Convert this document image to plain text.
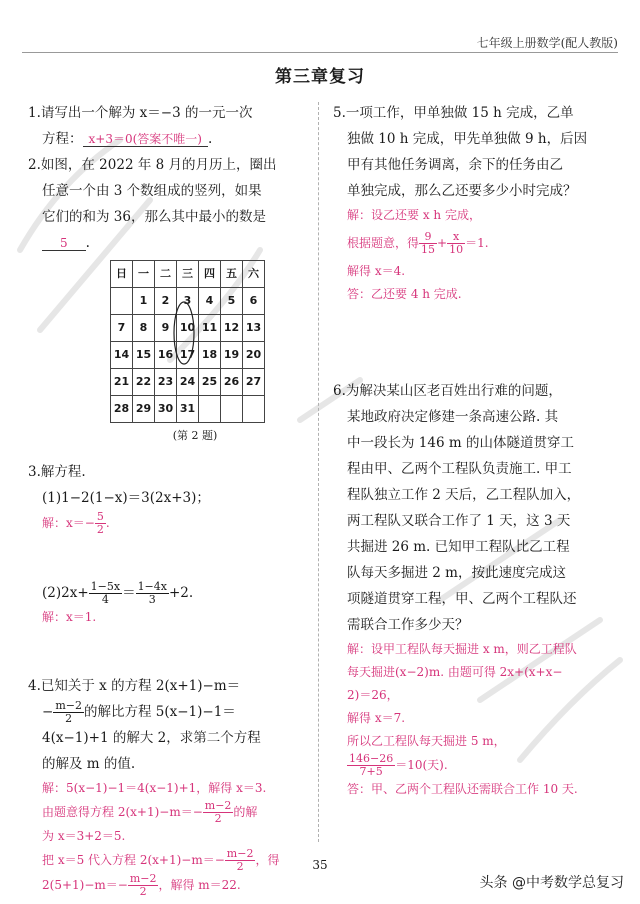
七年级上册数学(配人教版)
第三章复习

1.请写出一个解为 x＝−3 的一元一次

方程： x+3＝0(答案不唯一) .

2.如图，在 2022 年 8 月的月历上，圈出

任意一个由 3 个数组成的竖列，如果

它们的和为 36，那么其中最小的数是

5 .

日	一	二	三	四	五	六
	1	2	3	4	5	6
7	8	9	10	11	12	13
14	15	16	17	18	19	20
21	22	23	24	25	26	27
28	29	30	31			
(第 2 题)

3.解方程.

(1)1−2(1−x)＝3(2x+3)；

解：$x=- \frac{5}{2}$ .

$(2)2x+ \frac{1-5x}{4} = \frac{1-4x}{3} +2$.

解：x＝1.

4.已知关于 x 的方程 2(x+1)−m＝

− $\frac{m-2}{2}$ 的解比方程 5(x−1)−1＝

4(x−1)+1 的解大 2，求第二个方程

的解及 m 的值.

解：5(x−1)−1＝4(x−1)+1，解得 x＝3.
由题意得方程 $2(x+1)-m=- \frac{m-2}{2}$ 的解
为 x＝3+2＝5.
把 x＝5 代入方程 $2(x+1)-m=- \frac{m-2}{2}$ ，得
$2(5+1)-m=- \frac{m-2}{2}$ ，解得 m＝22.

5.一项工作，甲单独做 15 h 完成，乙单

独做 10 h 完成，甲先单独做 9 h，后因

甲有其他任务调离，余下的任务由乙

单独完成，那么乙还要多少小时完成？

解：设乙还要 x h 完成，
根据题意，得 $\frac{9}{15} + \frac{x}{10} =1$.
解得 x＝4.
答：乙还要 4 h 完成.

6.为解决某山区老百姓出行难的问题，

某地政府决定修建一条高速公路. 其

中一段长为 146 m 的山体隧道贯穿工

程由甲、乙两个工程队负责施工. 甲工

程队独立工作 2 天后，乙工程队加入，

两工程队又联合工作了 1 天，这 3 天

共掘进 26 m. 已知甲工程队比乙工程

队每天多掘进 2 m，按此速度完成这

项隧道贯穿工程，甲、乙两个工程队还

需联合工作多少天？

解：设甲工程队每天掘进 x m，则乙工程队
每天掘进(x−2)m. 由题可得 2x+(x+x−
2)＝26，
解得 x＝7.
所以乙工程队每天掘进 5 m，
$\frac{146-26}{7+5} =10$(天).
答：甲、乙两个工程队还需联合工作 10 天.
35
头条 @中考数学总复习
